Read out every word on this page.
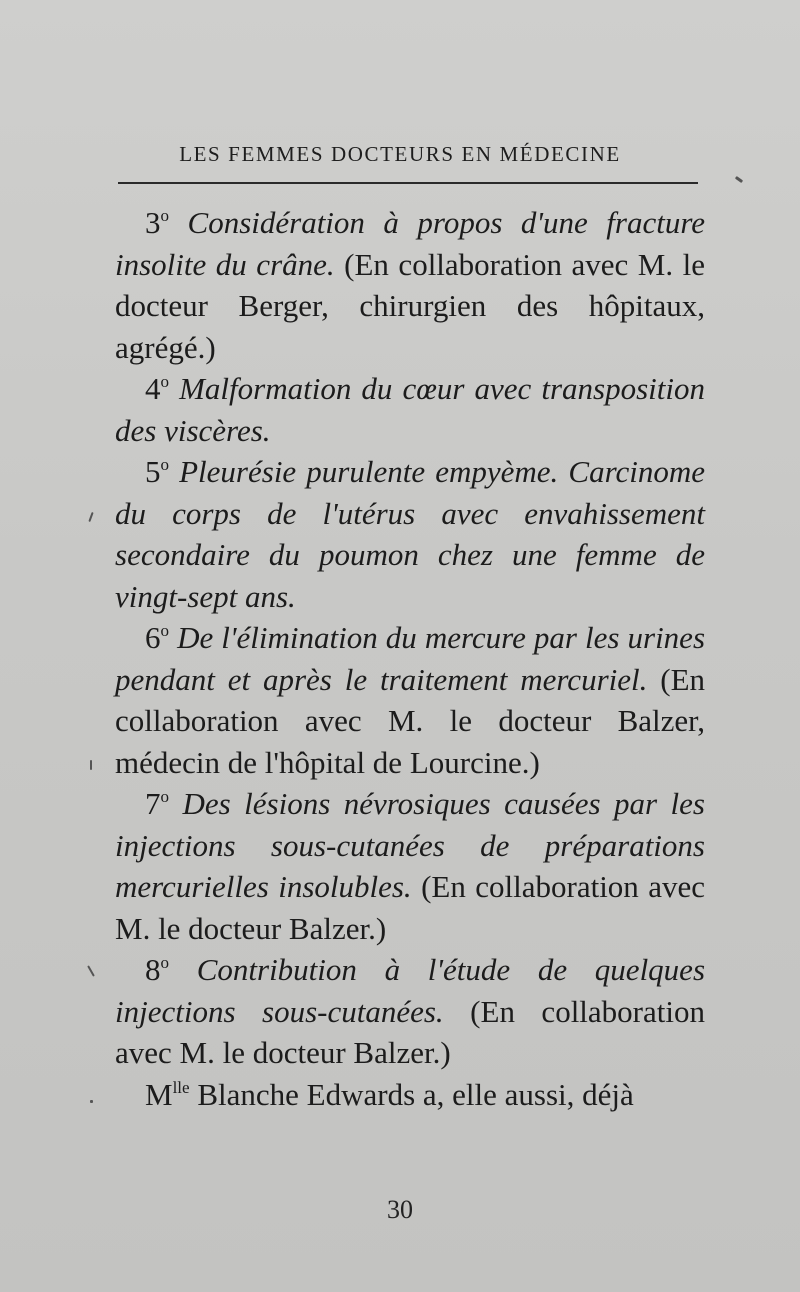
LES FEMMES DOCTEURS EN MÉDECINE

3$^o$ Considération à propos d'une fracture insolite du crâne. (En collaboration avec M. le docteur Berger, chirurgien des hôpitaux, agrégé.)

4$^o$ Malformation du cœur avec transposition des viscères.

5$^o$ Pleurésie purulente empyème. Carcinome du corps de l'utérus avec envahissement secondaire du poumon chez une femme de vingt-sept ans.

6$^o$ De l'élimination du mercure par les urines pendant et après le traitement mercuriel. (En collaboration avec M. le docteur Balzer, médecin de l'hôpital de Lourcine.)

7$^o$ Des lésions névrosiques causées par les injections sous-cutanées de préparations mercurielles insolubles. (En collaboration avec M. le docteur Balzer.)

8$^o$ Contribution à l'étude de quelques injections sous-cutanées. (En collaboration avec M. le docteur Balzer.)

$M^{lle}$ Blanche Edwards a, elle aussi, déjà

30
